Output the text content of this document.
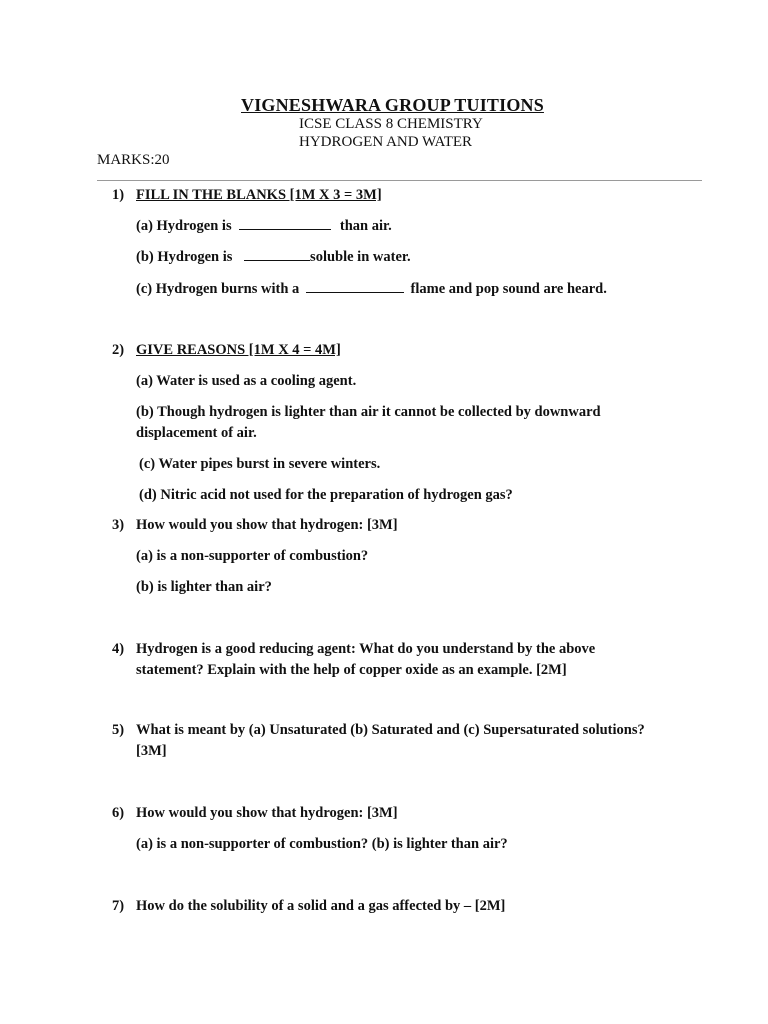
VIGNESHWARA GROUP TUITIONS
ICSE CLASS 8 CHEMISTRY
HYDROGEN AND WATER
MARKS:20
1) FILL IN THE BLANKS [1M X 3 = 3M]
(a) Hydrogen is	than air.
(b) Hydrogen is	soluble in water.
(c) Hydrogen burns with a	flame and pop sound are heard.
2) GIVE REASONS [1M X 4 = 4M]
(a) Water is used as a cooling agent.
(b) Though hydrogen is lighter than air it cannot be collected by downward
displacement of air.
(c) Water pipes burst in severe winters.
(d) Nitric acid not used for the preparation of hydrogen gas?
3) How would you show that hydrogen: [3M]
(a) is a non-supporter of combustion?
(b) is lighter than air?
4) Hydrogen is a good reducing agent: What do you understand by the above
statement? Explain with the help of copper oxide as an example. [2M]
5) What is meant by (a) Unsaturated (b) Saturated and (c) Supersaturated solutions?
[3M]
6) How would you show that hydrogen: [3M]
(a) is a non-supporter of combustion? (b) is lighter than air?
7) How do the solubility of a solid and a gas affected by – [2M]
